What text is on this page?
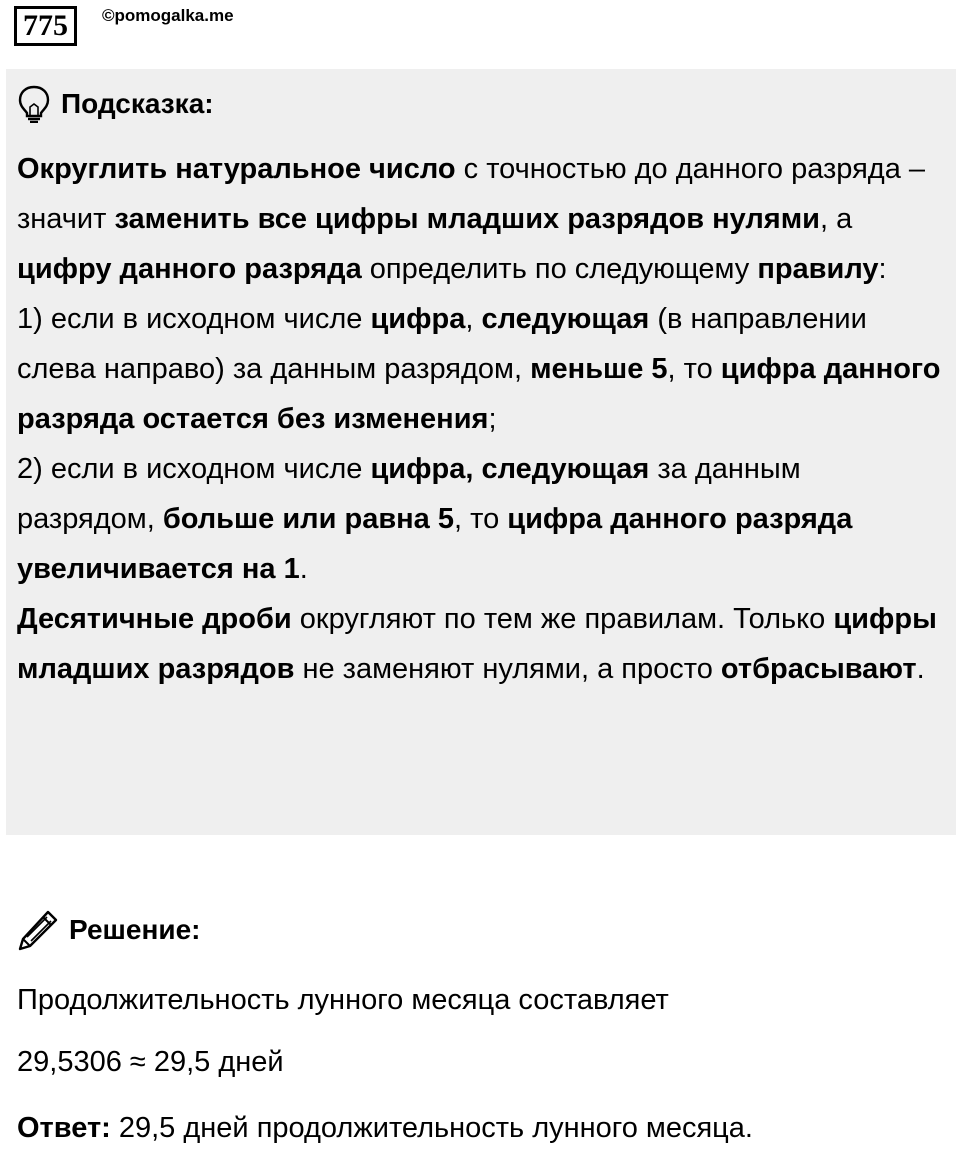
775	©pomogalka.me
Подсказка:

Округлить натуральное число с точностью до данного разряда – значит заменить все цифры младших разрядов нулями, а цифру данного разряда определить по следующему правилу:

1) если в исходном числе цифра, следующая (в направлении слева направо) за данным разрядом, меньше 5, то цифра данного разряда остается без изменения;

2) если в исходном числе цифра, следующая за данным разрядом, больше или равна 5, то цифра данного разряда увеличивается на 1.

Десятичные дроби округляют по тем же правилам. Только цифры младших разрядов не заменяют нулями, а просто отбрасывают.

Решение:
Продолжительность лунного месяца составляет
29,5306 ≈ 29,5 дней
Ответ: 29,5 дней продолжительность лунного месяца.
